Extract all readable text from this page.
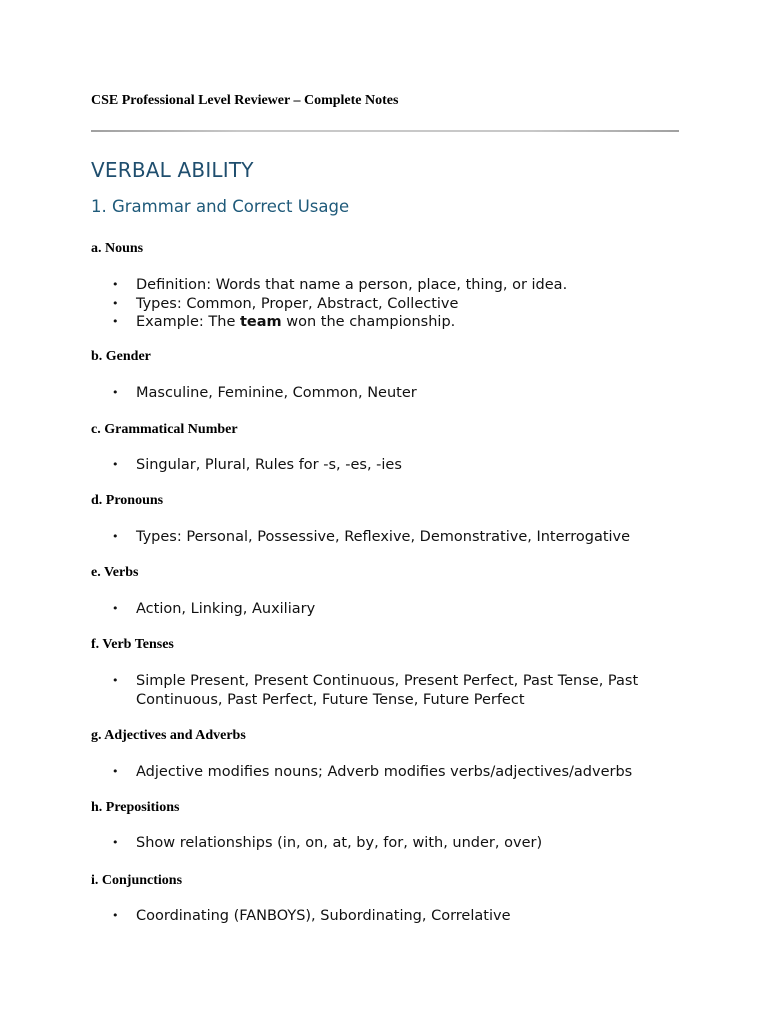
CSE Professional Level Reviewer – Complete Notes
VERBAL ABILITY
1. Grammar and Correct Usage

a. Nouns

• Definition: Words that name a person, place, thing, or idea.
• Types: Common, Proper, Abstract, Collective
• Example: The team won the championship.

b. Gender

• Masculine, Feminine, Common, Neuter

c. Grammatical Number

• Singular, Plural, Rules for -s, -es, -ies

d. Pronouns

• Types: Personal, Possessive, Reflexive, Demonstrative, Interrogative

e. Verbs

• Action, Linking, Auxiliary

f. Verb Tenses

• Simple Present, Present Continuous, Present Perfect, Past Tense, Past Continuous, Past Perfect, Future Tense, Future Perfect

g. Adjectives and Adverbs

• Adjective modifies nouns; Adverb modifies verbs/adjectives/adverbs

h. Prepositions

• Show relationships (in, on, at, by, for, with, under, over)

i. Conjunctions

• Coordinating (FANBOYS), Subordinating, Correlative
